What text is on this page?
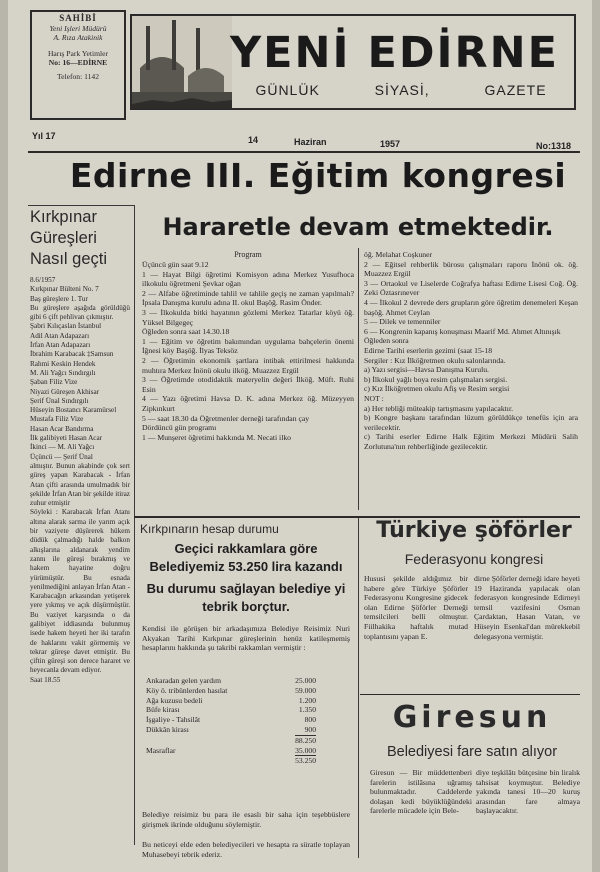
SAHİBİ
Yeni Işleri Müdürü
A. Rıza Atakinik
Harış Park Yetimler
No: 16—EDİRNE
Telefon: 1142	YENİ EDİRNE
GÜNLÜK	SİYASİ,	GAZETE
Yıl 17	14	Haziran	1957	No:1318
Edirne III. Eğitim kongresi
Hararetle devam etmektedir.
Kırkpınar
Güreşleri
Nasıl geçti

8.6/1957

Kırkpınar Bülteni No. 7

Baş güreşlere 1. Tur

Bu güreşlere aşağıda görüldüğü gibi 6 çift pehlivan çıkmıştır.

Şabri Kılıçaslan İstanbul

Adil Atan Adapazarı

İrfan Atan Adapazarı

İbrahim Karabacak ‡Samsun

Rahmi Keskin Hendek

M. Ali Yağcı Sındırgılı

Şaban Filiz Vize

Niyazi Güreşen Akhisar

Şerif Ünal Sındırgılı

Hüseyin Bostancı Karamürsel

Mustafa Filiz Vize

Hasan Acar Bandırma

İlk galibiyeti Hasan Acar

İkinci — M. Ali Yağcı

Üçüncü — Şerif Ünal

almıştır. Bunun akabinde çok sert güreş yapan Karabacak - İrfan Atan çifti arasında umulmadık bir şekilde İrfan Atan bir şekilde itiraz zuhur etmiştir

Söyleki : Karabacak İrfan Atanı altına alarak sarma ile yarım açık bir vaziyete düşürerek hükem düdük çalmadığı halde balkon alkışlarına aldanarak yendim zannı ile güreşi bırakmış ve hakem hayatine doğru yürümüştür. Bu esnada yenilmediğini anlayan İrfan Atan - Karabacağın arkasından yetişerek yere yıkmış ve açık düşürmüştür. Bu vaziyet karşısında o da galibiyet iddiasında bulunmuş isede hakem heyeti her iki tarafın de haklarını vakit görmemiş ve tekrar güreşe davet etmiştir. Bu çiftin güreşi son derece hararet ve heyecanla devam ediyor.

Saat 18.55

Program

Üçüncü gün saat 9.12

1 — Hayat Bilgi öğretimi Komisyon adına Merkez Yusufhoca ilkokulu öğretmeni Şevkar oğan

2 — Alfabe öğretiminde tahlil ve tahlile geçiş ne zaman yapılmalı? İpsala Danışma kurulu adına II. okul Başöğ. Rasim Önder.

3 — İlkokulda bitki hayatının gözlemi Merkez Tatarlar köyü öğ. Yüksel Bilgegeç

Öğleden sonra saat 14.30.18

1 — Eğitim ve öğretim bakımından uygulama bahçelerin önemi İğnesi köy Başöğ. İlyas Teksöz

2 — Öğretimin ekonomik şartlara intibak ettirilmesi hakkında muhtıra Merkez İnönü okulu ilköğ. Muazzez Ergül

3 — Öğretimde otodidaktik materyelin değeri İlköğ. Müft. Ruhi Esin

4 — Yazı öğretimi Havsa D. K. adına Merkez öğ. Müzeyyen Zipkınkurt

5 — saat 18.30 da Öğretmenler derneği tarafından çay

Dördüncü gün programı

1 — Munşeret öğretimi hakkında M. Necati ilko

öğ. Melahat Coşkuner

2 — Eğitsel rehberlik bürosu çalışmaları raporu İnönü ok. öğ. Muazzez Ergül

3 — Ortaokul ve Liselerde Coğrafya haftası Edirne Lisesi Coğ. Öğ. Zeki Öztasrınever

4 — İlkokul 2 devrede ders grupların göre öğretim denemeleri Keşan başöğ. Ahmet Ceylan

5 — Dilek ve temenniler

6 — Kongrenin kapanış konuşması Maarif Md. Ahmet Altınışık

Öğleden sonra

Edirne Tarihi eserlerin gezimi (saat 15-18

Sergiler : Kız İlköğretmen okulu salonlarında.

a) Yazı sergisi—Havsa Danışma Kurulu.

b) İlkokul yağlı boya resim çalışmaları sergisi.

c) Kız İlköğretmen okulu Afiş ve Resim sergisi

NOT :

a) Her tebliği müteakip tartışmasını yapılacaktır.

b) Kongre başkanı tarafından lüzum görüldükçe tenefüs için ara verilecektir.

c) Tarihi eserler Edirne Halk Eğitim Merkezi Müdürü Salih Zorlutuna'nın rehberliğinde gezilecektir.

Kırkpınarın hesap durumu
Geçici rakkamlara göre Belediyemiz 53.250 lira kazandı
Bu durumu sağlayan belediye yi tebrik borçtur.
Kendisi ile görüşen bir arkadaşımıza Belediye Reisimiz Nuri Akyakan Tarihi Kırkpınar güreşlerinin henüz katileşmemiş hesaplarını hakkında şu takribi rakkamları vermiştir :
Ankaradan gelen yardım	25.000
Köy ö. tribünlerden hasılat	59.000
Ağa kuzusu bedeli	1.200
Büfe kirası	1.350
İşgaliye - Tahsilât	800
Dükkân kirası	900
88.250
Masraflar	35.000
53.250
Belediye reisimiz bu para ile esaslı bir saha için teşebbüslere girişmek ikrinde olduğunu söylemiştir.
Bu neticeyi elde eden belediyecileri ve hesapta ra süratle toplayan Muhasebeyi tebrik ederiz.
Türkiye şöförler
Federasyonu kongresi
Hususi şekilde aldığımız bir habere göre Türkiye Şöförler Federasyonu Kongresine gidecek olan Edirne Şöförler Derneği temsilcileri belli olmuştur. Fiilhakika haftalık mutad toplantısını yapan E.
dirne Şöförler derneği idare heyeti 19 Haziranda yapılacak olan federasyon kongresinde Edirneyi temsil vazifesini Osman Çardaktan, Hasan Vatan, ve Hüseyin Esenkal'dan mürekkebil delegasyona vermiştir.
Giresun
Belediyesi fare satın alıyor
Giresun — Bir müddettenberi farelerin istilâsına uğramış bulunmaktadır. Caddelerde dolaşan kedi büyüklüğündeki farelerle mücadele için Bele-
diye teşkilâtı bütçesine bin liralık tahsisat koymuştur. Belediye yakında tanesi 10—20 kuruş arasından fare almaya başlayacaktır.
